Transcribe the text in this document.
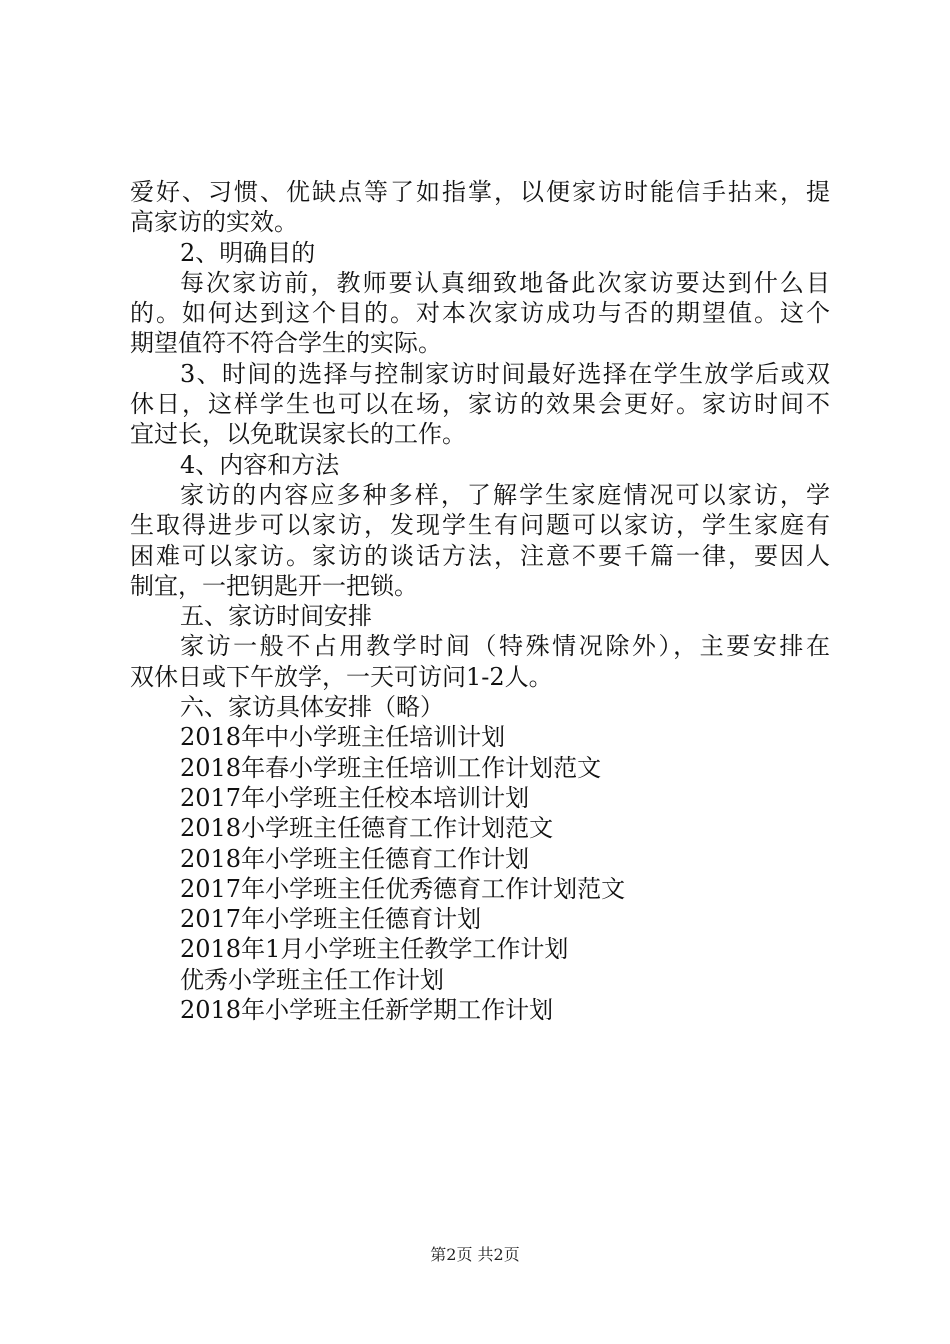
爱好、习惯、优缺点等了如指掌，以便家访时能信手拈来，提
高家访的实效。
2、明确目的
每次家访前，教师要认真细致地备此次家访要达到什么目
的。如何达到这个目的。对本次家访成功与否的期望值。这个
期望值符不符合学生的实际。
3、时间的选择与控制家访时间最好选择在学生放学后或双
休日，这样学生也可以在场，家访的效果会更好。家访时间不
宜过长，以免耽误家长的工作。
4、内容和方法
家访的内容应多种多样，了解学生家庭情况可以家访，学
生取得进步可以家访，发现学生有问题可以家访，学生家庭有
困难可以家访。家访的谈话方法，注意不要千篇一律，要因人
制宜，一把钥匙开一把锁。
五、家访时间安排
家访一般不占用教学时间（特殊情况除外），主要安排在
双休日或下午放学，一天可访问1-2人。
六、家访具体安排（略）
2018年中小学班主任培训计划
2018年春小学班主任培训工作计划范文
2017年小学班主任校本培训计划
2018小学班主任德育工作计划范文
2018年小学班主任德育工作计划
2017年小学班主任优秀德育工作计划范文
2017年小学班主任德育计划
2018年1月小学班主任教学工作计划
优秀小学班主任工作计划
2018年小学班主任新学期工作计划
第2页 共2页
